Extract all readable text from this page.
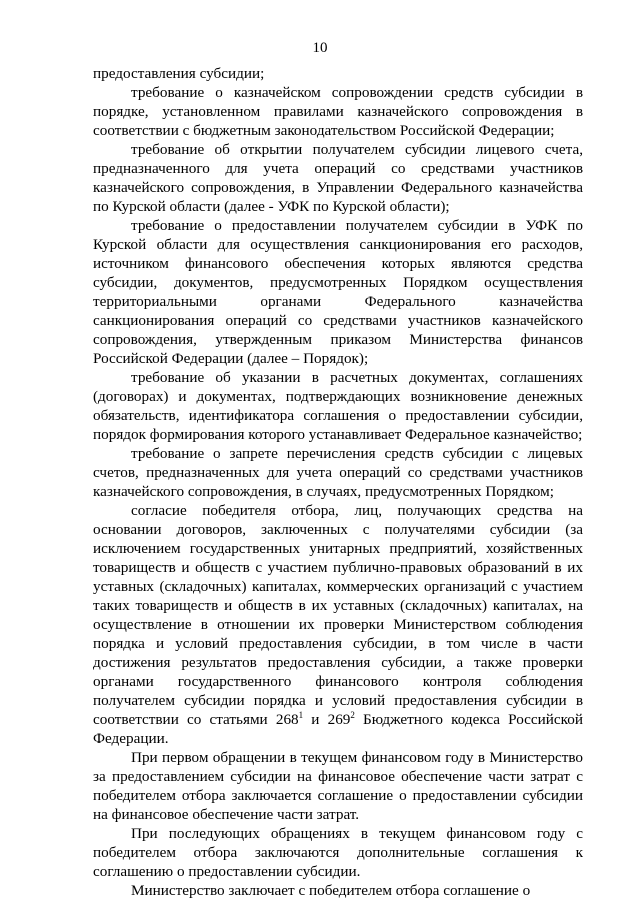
10

предоставления субсидии;

требование о казначейском сопровождении средств субсидии в порядке, установленном правилами казначейского сопровождения в соответствии с бюджетным законодательством Российской Федерации;

требование об открытии получателем субсидии лицевого счета, предназначенного для учета операций со средствами участников казначейского сопровождения, в Управлении Федерального казначейства по Курской области (далее - УФК по Курской области);

требование о предоставлении получателем субсидии в УФК по Курской области для осуществления санкционирования его расходов, источником финансового обеспечения которых являются средства субсидии, документов, предусмотренных Порядком осуществления территориальными органами Федерального казначейства санкционирования операций со средствами участников казначейского сопровождения, утвержденным приказом Министерства финансов Российской Федерации (далее – Порядок);

требование об указании в расчетных документах, соглашениях (договорах) и документах, подтверждающих возникновение денежных обязательств, идентификатора соглашения о предоставлении субсидии, порядок формирования которого устанавливает Федеральное казначейство;

требование о запрете перечисления средств субсидии с лицевых счетов, предназначенных для учета операций со средствами участников казначейского сопровождения, в случаях, предусмотренных Порядком;

согласие победителя отбора, лиц, получающих средства на основании договоров, заключенных с получателями субсидии (за исключением государственных унитарных предприятий, хозяйственных товариществ и обществ с участием публично-правовых образований в их уставных (складочных) капиталах, коммерческих организаций с участием таких товариществ и обществ в их уставных (складочных) капиталах, на осуществление в отношении их проверки Министерством соблюдения порядка и условий предоставления субсидии, в том числе в части достижения результатов предоставления субсидии, а также проверки органами государственного финансового контроля соблюдения получателем субсидии порядка и условий предоставления субсидии в соответствии со статьями $268^1$ и $269^2$ Бюджетного кодекса Российской Федерации.

При первом обращении в текущем финансовом году в Министерство за предоставлением субсидии на финансовое обеспечение части затрат с победителем отбора заключается соглашение о предоставлении субсидии на финансовое обеспечение части затрат.

При последующих обращениях в текущем финансовом году с победителем отбора заключаются дополнительные соглашения к соглашению о предоставлении субсидии.

Министерство заключает с победителем отбора соглашение о
